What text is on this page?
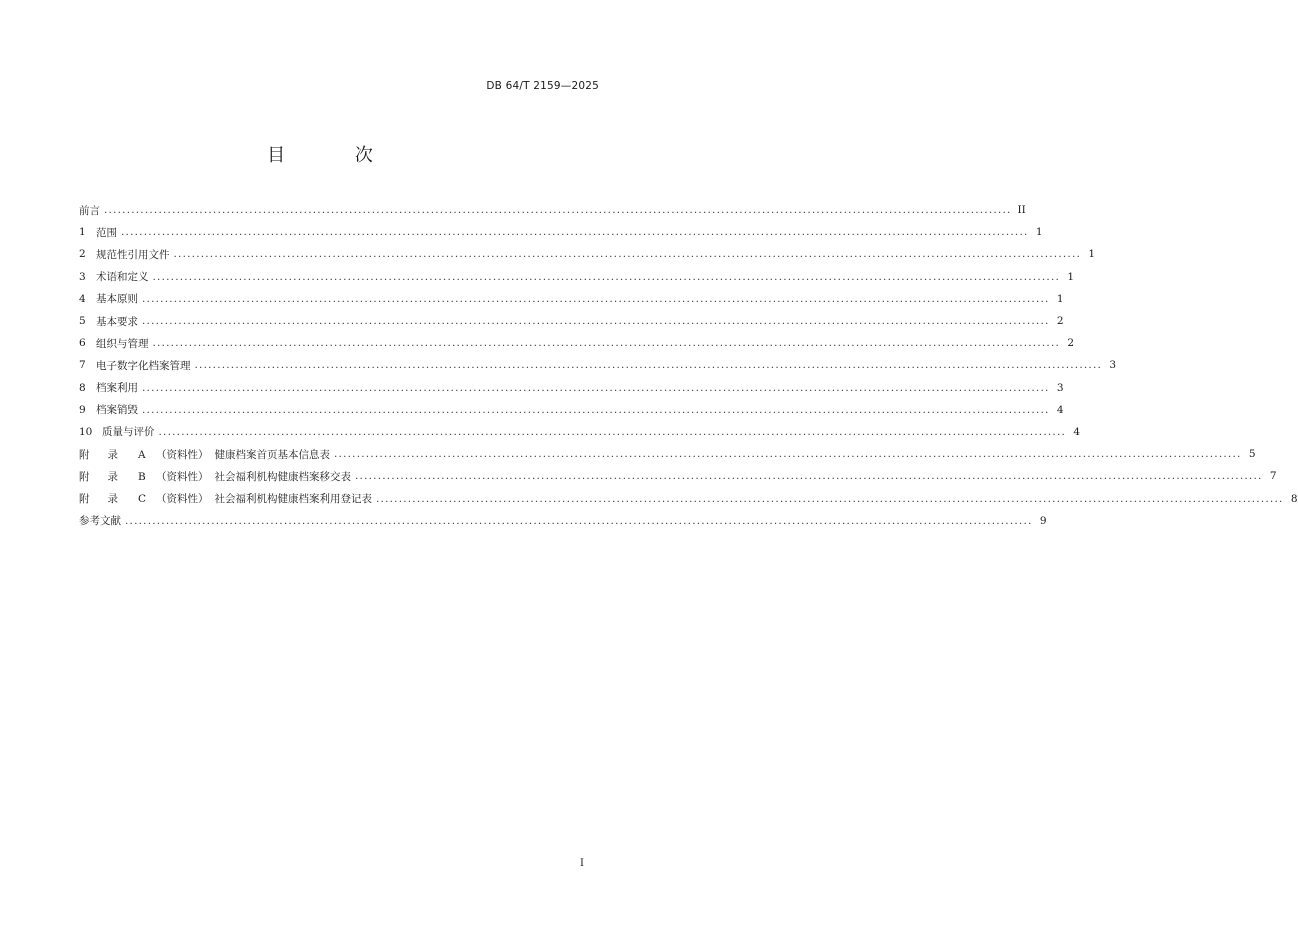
DB 64/T 2159—2025
目 次
前言 ........................................................................................................................................................................................................ II
1 范围 ........................................................................................................................................................................................................ 1
2 规范性引用文件 ........................................................................................................................................................................................................ 1
3 术语和定义 ........................................................................................................................................................................................................ 1
4 基本原则 ........................................................................................................................................................................................................ 1
5 基本要求 ........................................................................................................................................................................................................ 2
6 组织与管理 ........................................................................................................................................................................................................ 2
7 电子数字化档案管理 ........................................................................................................................................................................................................ 3
8 档案利用 ........................................................................................................................................................................................................ 3
9 档案销毁 ........................................................................................................................................................................................................ 4
10 质量与评价 ........................................................................................................................................................................................................ 4
附录 A （资料性） 健康档案首页基本信息表 ........................................................................................................................................................................................................ 5
附录 B （资料性） 社会福利机构健康档案移交表 ........................................................................................................................................................................................................ 7
附录 C （资料性） 社会福利机构健康档案利用登记表 ........................................................................................................................................................................................................ 8
参考文献 ........................................................................................................................................................................................................ 9
I
